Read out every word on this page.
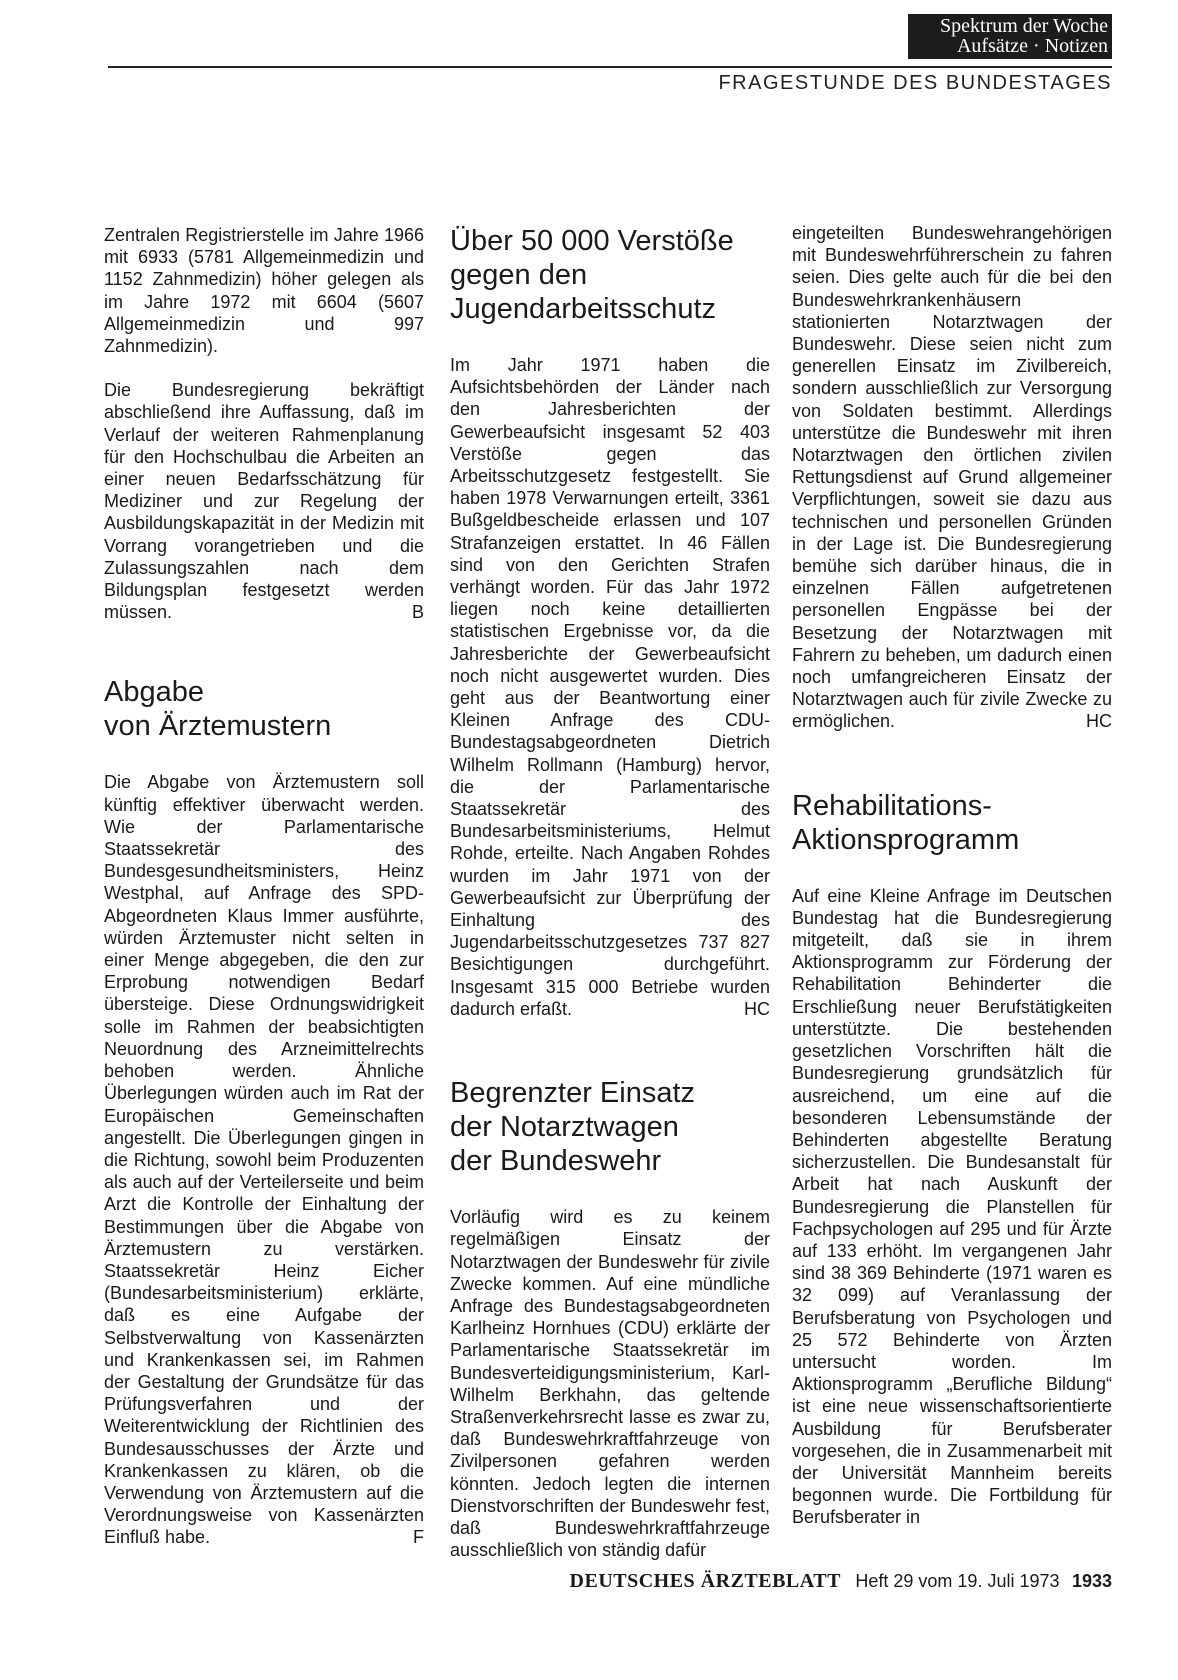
Spektrum der Woche
Aufsätze · Notizen
FRAGESTUNDE DES BUNDESTAGES

Zentralen Registrierstelle im Jahre 1966 mit 6933 (5781 Allgemeinmedizin und 1152 Zahnmedizin) höher gelegen als im Jahre 1972 mit 6604 (5607 Allgemeinmedizin und 997 Zahnmedizin).

Die Bundesregierung bekräftigt abschließend ihre Auffassung, daß im Verlauf der weiteren Rahmenplanung für den Hochschulbau die Arbeiten an einer neuen Bedarfsschätzung für Mediziner und zur Regelung der Ausbildungskapazität in der Medizin mit Vorrang vorangetrieben und die Zulassungszahlen nach dem Bildungsplan festgesetzt werden müssen.	B

Abgabe
von Ärztemustern

Die Abgabe von Ärztemustern soll künftig effektiver überwacht werden. Wie der Parlamentarische Staatssekretär des Bundesgesundheitsministers, Heinz Westphal, auf Anfrage des SPD-Abgeordneten Klaus Immer ausführte, würden Ärztemuster nicht selten in einer Menge abgegeben, die den zur Erprobung notwendigen Bedarf übersteige. Diese Ordnungswidrigkeit solle im Rahmen der beabsichtigten Neuordnung des Arzneimittelrechts behoben werden. Ähnliche Überlegungen würden auch im Rat der Europäischen Gemeinschaften angestellt. Die Überlegungen gingen in die Richtung, sowohl beim Produzenten als auch auf der Verteilerseite und beim Arzt die Kontrolle der Einhaltung der Bestimmungen über die Abgabe von Ärztemustern zu verstärken. Staatssekretär Heinz Eicher (Bundesarbeitsministerium) erklärte, daß es eine Aufgabe der Selbstverwaltung von Kassenärzten und Krankenkassen sei, im Rahmen der Gestaltung der Grundsätze für das Prüfungsverfahren und der Weiterentwicklung der Richtlinien des Bundesausschusses der Ärzte und Krankenkassen zu klären, ob die Verwendung von Ärztemustern auf die Verordnungsweise von Kassenärzten Einfluß habe.	F

Über 50 000 Verstöße
gegen den
Jugendarbeitsschutz

Im Jahr 1971 haben die Aufsichtsbehörden der Länder nach den Jahresberichten der Gewerbeaufsicht insgesamt 52 403 Verstöße gegen das Arbeitsschutzgesetz festgestellt. Sie haben 1978 Verwarnungen erteilt, 3361 Bußgeldbescheide erlassen und 107 Strafanzeigen erstattet. In 46 Fällen sind von den Gerichten Strafen verhängt worden. Für das Jahr 1972 liegen noch keine detaillierten statistischen Ergebnisse vor, da die Jahresberichte der Gewerbeaufsicht noch nicht ausgewertet wurden. Dies geht aus der Beantwortung einer Kleinen Anfrage des CDU-Bundestagsabgeordneten Dietrich Wilhelm Rollmann (Hamburg) hervor, die der Parlamentarische Staatssekretär des Bundesarbeitsministeriums, Helmut Rohde, erteilte. Nach Angaben Rohdes wurden im Jahr 1971 von der Gewerbeaufsicht zur Überprüfung der Einhaltung des Jugendarbeitsschutzgesetzes 737 827 Besichtigungen durchgeführt. Insgesamt 315 000 Betriebe wurden dadurch erfaßt.	HC

Begrenzter Einsatz
der Notarztwagen
der Bundeswehr

Vorläufig wird es zu keinem regelmäßigen Einsatz der Notarztwagen der Bundeswehr für zivile Zwecke kommen. Auf eine mündliche Anfrage des Bundestagsabgeordneten Karlheinz Hornhues (CDU) erklärte der Parlamentarische Staatssekretär im Bundesverteidigungsministerium, Karl-Wilhelm Berkhahn, das geltende Straßenverkehrsrecht lasse es zwar zu, daß Bundeswehrkraftfahrzeuge von Zivilpersonen gefahren werden könnten. Jedoch legten die internen Dienstvorschriften der Bundeswehr fest, daß Bundeswehrkraftfahrzeuge ausschließlich von ständig dafür

eingeteilten Bundeswehrangehörigen mit Bundeswehrführerschein zu fahren seien. Dies gelte auch für die bei den Bundeswehrkrankenhäusern stationierten Notarztwagen der Bundeswehr. Diese seien nicht zum generellen Einsatz im Zivilbereich, sondern ausschließlich zur Versorgung von Soldaten bestimmt. Allerdings unterstütze die Bundeswehr mit ihren Notarztwagen den örtlichen zivilen Rettungsdienst auf Grund allgemeiner Verpflichtungen, soweit sie dazu aus technischen und personellen Gründen in der Lage ist. Die Bundesregierung bemühe sich darüber hinaus, die in einzelnen Fällen aufgetretenen personellen Engpässe bei der Besetzung der Notarztwagen mit Fahrern zu beheben, um dadurch einen noch umfangreicheren Einsatz der Notarztwagen auch für zivile Zwecke zu ermöglichen.	HC

Rehabilitations-
Aktionsprogramm

Auf eine Kleine Anfrage im Deutschen Bundestag hat die Bundesregierung mitgeteilt, daß sie in ihrem Aktionsprogramm zur Förderung der Rehabilitation Behinderter die Erschließung neuer Berufstätigkeiten unterstützte. Die bestehenden gesetzlichen Vorschriften hält die Bundesregierung grundsätzlich für ausreichend, um eine auf die besonderen Lebensumstände der Behinderten abgestellte Beratung sicherzustellen. Die Bundesanstalt für Arbeit hat nach Auskunft der Bundesregierung die Planstellen für Fachpsychologen auf 295 und für Ärzte auf 133 erhöht. Im vergangenen Jahr sind 38 369 Behinderte (1971 waren es 32 099) auf Veranlassung der Berufsberatung von Psychologen und 25 572 Behinderte von Ärzten untersucht worden. Im Aktionsprogramm „Berufliche Bildung“ ist eine neue wissenschaftsorientierte Ausbildung für Berufsberater vorgesehen, die in Zusammenarbeit mit der Universität Mannheim bereits begonnen wurde. Die Fortbildung für Berufsberater in

DEUTSCHES ÄRZTEBLATT Heft 29 vom 19. Juli 1973 1933
